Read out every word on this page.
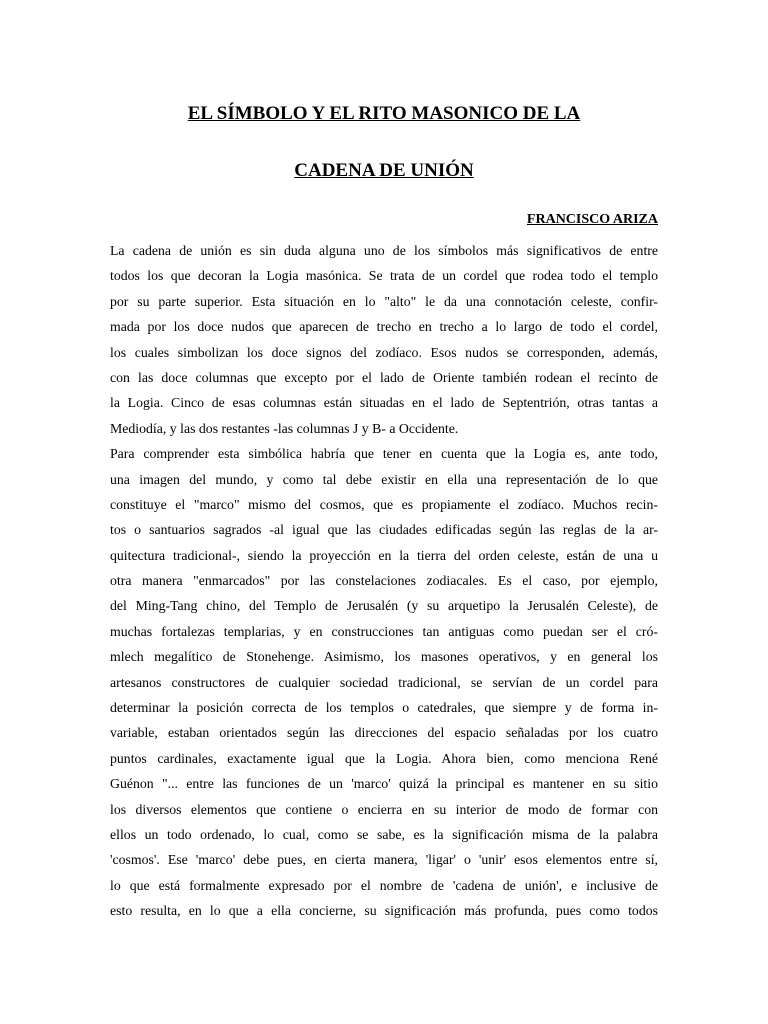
EL SÍMBOLO Y EL RITO MASONICO DE LA
CADENA DE UNIÓN
FRANCISCO ARIZA
La cadena de unión es sin duda alguna uno de los símbolos más significativos de entre
todos los que decoran la Logia masónica. Se trata de un cordel que rodea todo el templo
por su parte superior. Esta situación en lo "alto" le da una connotación celeste, confir-
mada por los doce nudos que aparecen de trecho en trecho a lo largo de todo el cordel,
los cuales simbolizan los doce signos del zodíaco. Esos nudos se corresponden, además,
con las doce columnas que excepto por el lado de Oriente también rodean el recinto de
la Logia. Cinco de esas columnas están situadas en el lado de Septentrión, otras tantas a
Mediodía, y las dos restantes -las columnas J y B- a Occidente.
Para comprender esta simbólica habría que tener en cuenta que la Logia es, ante todo,
una imagen del mundo, y como tal debe existir en ella una representación de lo que
constituye el "marco" mismo del cosmos, que es propiamente el zodíaco. Muchos recin-
tos o santuarios sagrados -al igual que las ciudades edificadas según las reglas de la ar-
quitectura tradicional-, siendo la proyección en la tierra del orden celeste, están de una u
otra manera "enmarcados" por las constelaciones zodiacales. Es el caso, por ejemplo,
del Ming-Tang chino, del Templo de Jerusalén (y su arquetipo la Jerusalén Celeste), de
muchas fortalezas templarias, y en construcciones tan antiguas como puedan ser el cró-
mlech megalítico de Stonehenge. Asimismo, los masones operativos, y en general los
artesanos constructores de cualquier sociedad tradicional, se servían de un cordel para
determinar la posición correcta de los templos o catedrales, que siempre y de forma in-
variable, estaban orientados según las direcciones del espacio señaladas por los cuatro
puntos cardinales, exactamente igual que la Logia. Ahora bien, como menciona René
Guénon "... entre las funciones de un 'marco' quizá la principal es mantener en su sitio
los diversos elementos que contiene o encierra en su interior de modo de formar con
ellos un todo ordenado, lo cual, como se sabe, es la significación misma de la palabra
'cosmos'. Ese 'marco' debe pues, en cierta manera, 'ligar' o 'unir' esos elementos entre sí,
lo que está formalmente expresado por el nombre de 'cadena de unión', e inclusive de
esto resulta, en lo que a ella concierne, su significación más profunda, pues como todos
